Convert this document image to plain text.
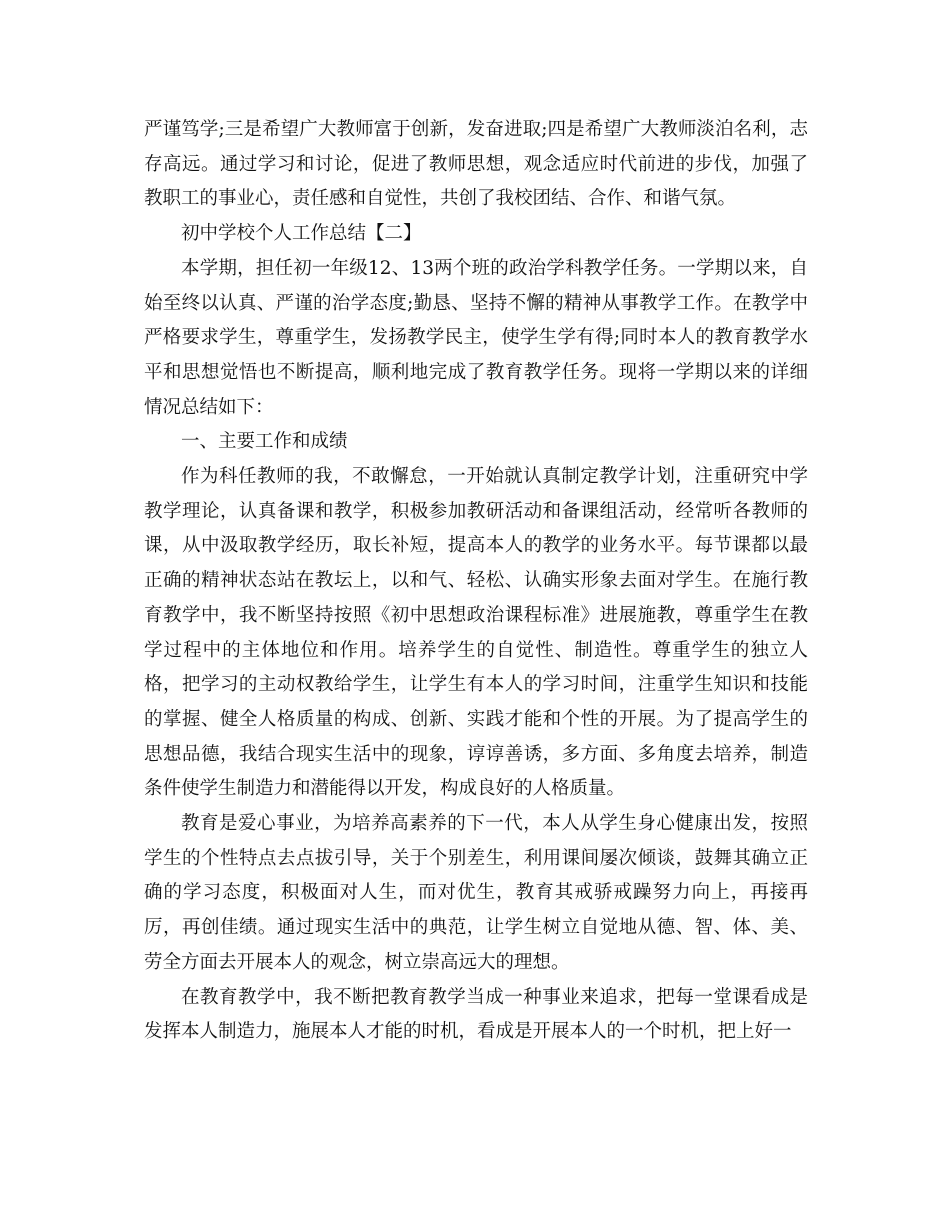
严谨笃学;三是希望广大教师富于创新，发奋进取;四是希望广大教师淡泊名利，志存高远。通过学习和讨论，促进了教师思想，观念适应时代前进的步伐，加强了教职工的事业心，责任感和自觉性，共创了我校团结、合作、和谐气氛。

初中学校个人工作总结【二】

本学期，担任初一年级12、13两个班的政治学科教学任务。一学期以来，自始至终以认真、严谨的治学态度;勤恳、坚持不懈的精神从事教学工作。在教学中严格要求学生，尊重学生，发扬教学民主，使学生学有得;同时本人的教育教学水平和思想觉悟也不断提高，顺利地完成了教育教学任务。现将一学期以来的详细情况总结如下：

一、主要工作和成绩

作为科任教师的我，不敢懈怠，一开始就认真制定教学计划，注重研究中学教学理论，认真备课和教学，积极参加教研活动和备课组活动，经常听各教师的课，从中汲取教学经历，取长补短，提高本人的教学的业务水平。每节课都以最正确的精神状态站在教坛上，以和气、轻松、认确实形象去面对学生。在施行教育教学中，我不断坚持按照《初中思想政治课程标准》进展施教，尊重学生在教学过程中的主体地位和作用。培养学生的自觉性、制造性。尊重学生的独立人格，把学习的主动权教给学生，让学生有本人的学习时间，注重学生知识和技能的掌握、健全人格质量的构成、创新、实践才能和个性的开展。为了提高学生的思想品德，我结合现实生活中的现象，谆谆善诱，多方面、多角度去培养，制造条件使学生制造力和潜能得以开发，构成良好的人格质量。

教育是爱心事业，为培养高素养的下一代，本人从学生身心健康出发，按照学生的个性特点去点拔引导，关于个别差生，利用课间屡次倾谈，鼓舞其确立正确的学习态度，积极面对人生，而对优生，教育其戒骄戒躁努力向上，再接再厉，再创佳绩。通过现实生活中的典范，让学生树立自觉地从德、智、体、美、劳全方面去开展本人的观念，树立崇高远大的理想。

在教育教学中，我不断把教育教学当成一种事业来追求，把每一堂课看成是发挥本人制造力，施展本人才能的时机，看成是开展本人的一个时机，把上好一
